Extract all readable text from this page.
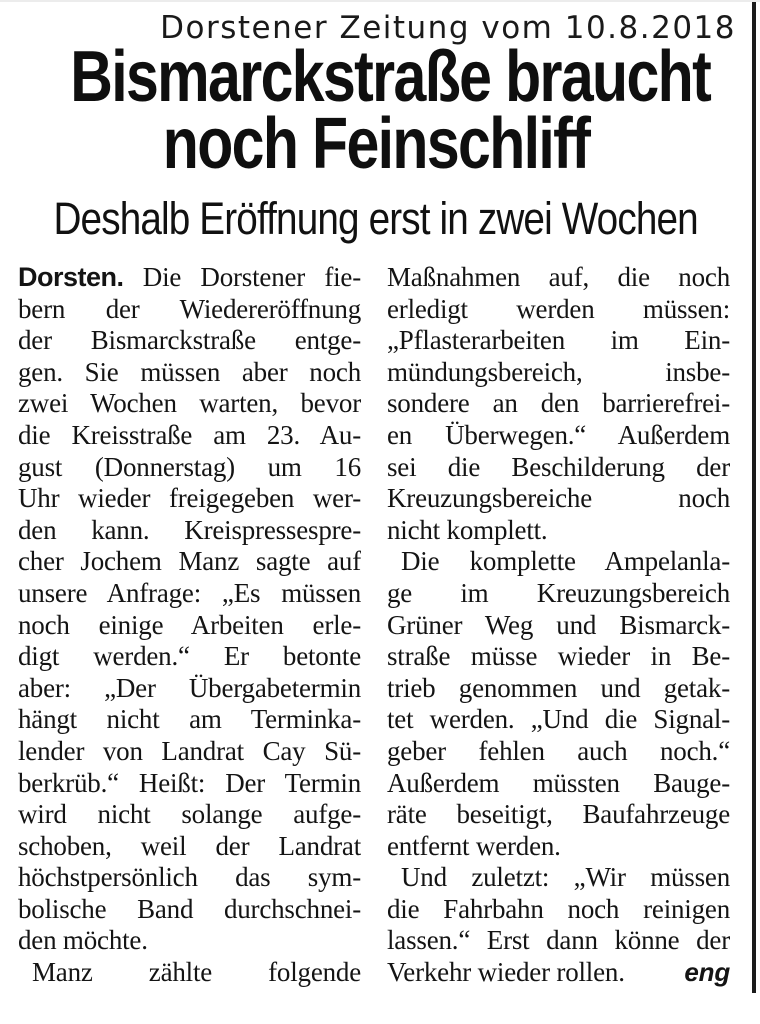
Dorstener Zeitung vom 10.8.2018
Bismarckstraße braucht
noch Feinschliff
Deshalb Eröffnung erst in zwei Wochen
Dorsten. Die Dorstener fie-
bern der Wiedereröffnung
der Bismarckstraße entge-
gen. Sie müssen aber noch
zwei Wochen warten, bevor
die Kreisstraße am 23. Au-
gust (Donnerstag) um 16
Uhr wieder freigegeben wer-
den kann. Kreispressespre-
cher Jochem Manz sagte auf
unsere Anfrage: „Es müssen
noch einige Arbeiten erle-
digt werden.“ Er betonte
aber: „Der Übergabetermin
hängt nicht am Terminka-
lender von Landrat Cay Sü-
berkrüb.“ Heißt: Der Termin
wird nicht solange aufge-
schoben, weil der Landrat
höchstpersönlich das sym-
bolische Band durchschnei-
den möchte.
Manz zählte folgende
Maßnahmen auf, die noch
erledigt werden müssen:
„Pflasterarbeiten im Ein-
mündungsbereich, insbe-
sondere an den barrierefrei-
en Überwegen.“ Außerdem
sei die Beschilderung der
Kreuzungsbereiche noch
nicht komplett.
Die komplette Ampelanla-
ge im Kreuzungsbereich
Grüner Weg und Bismarck-
straße müsse wieder in Be-
trieb genommen und getak-
tet werden. „Und die Signal-
geber fehlen auch noch.“
Außerdem müssten Bauge-
räte beseitigt, Baufahrzeuge
entfernt werden.
Und zuletzt: „Wir müssen
die Fahrbahn noch reinigen
lassen.“ Erst dann könne der
Verkehr wieder rollen. eng
